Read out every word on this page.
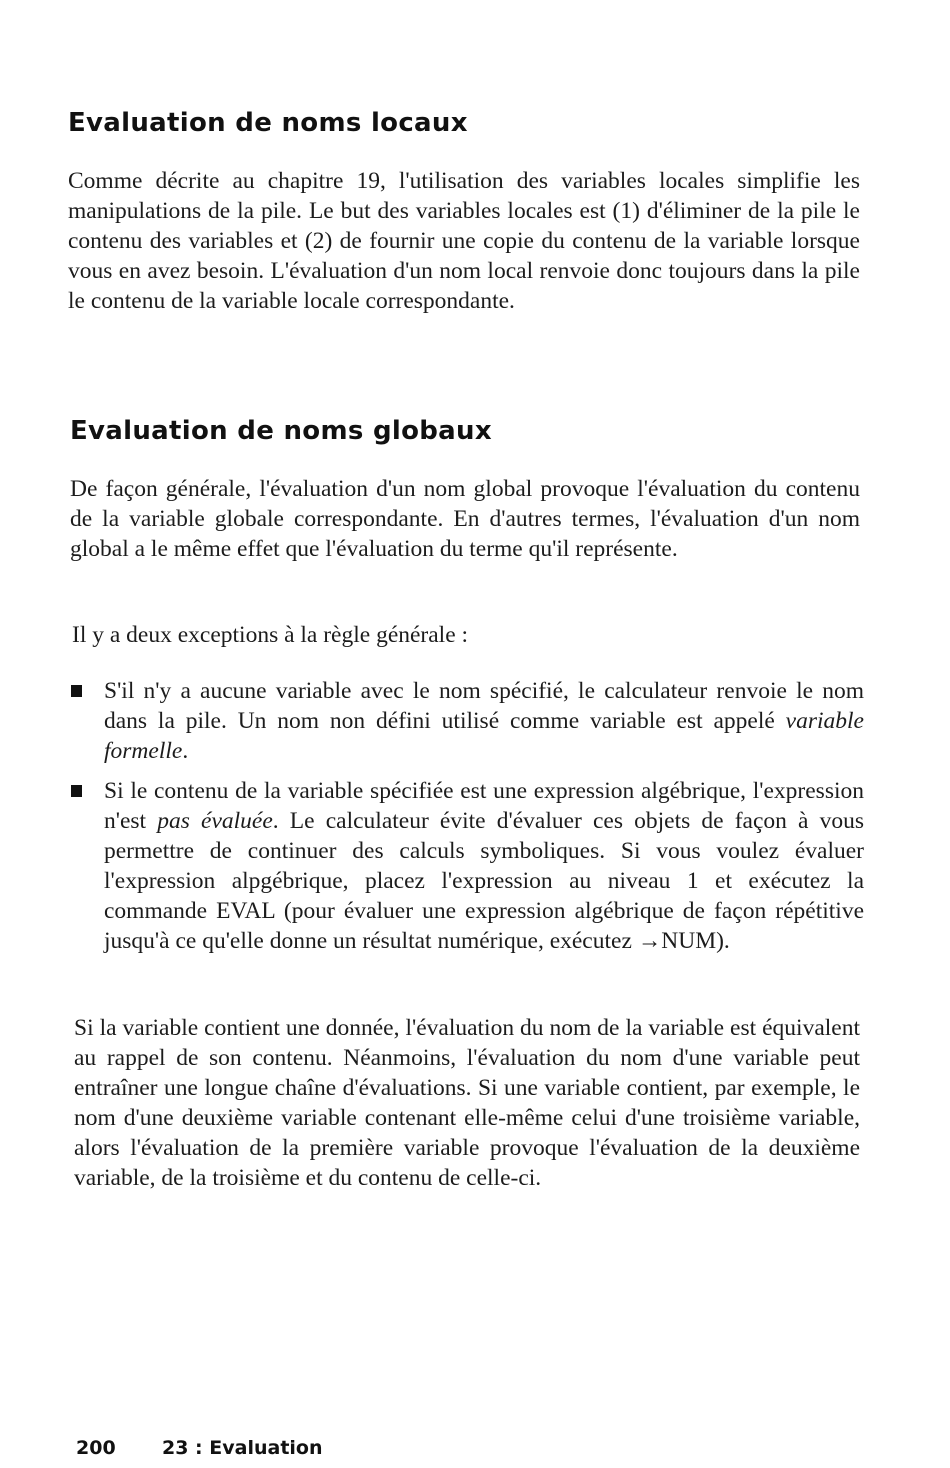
Evaluation de noms locaux

Comme décrite au chapitre 19, l'utilisation des variables locales simplifie les manipulations de la pile. Le but des variables locales est (1) d'éliminer de la pile le contenu des variables et (2) de fournir une copie du contenu de la variable lorsque vous en avez besoin. L'évaluation d'un nom local renvoie donc toujours dans la pile le contenu de la variable locale correspondante.

Evaluation de noms globaux

De façon générale, l'évaluation d'un nom global provoque l'évaluation du contenu de la variable globale correspondante. En d'autres termes, l'évaluation d'un nom global a le même effet que l'évaluation du terme qu'il représente.

Il y a deux exceptions à la règle générale :

S'il n'y a aucune variable avec le nom spécifié, le calculateur renvoie le nom dans la pile. Un nom non défini utilisé comme variable est appelé variable formelle.
Si le contenu de la variable spécifiée est une expression algébrique, l'expression n'est pas évaluée. Le calculateur évite d'évaluer ces objets de façon à vous permettre de continuer des calculs symboliques. Si vous voulez évaluer l'expression alpgébrique, placez l'expression au niveau 1 et exécutez la commande EVAL (pour évaluer une expression algébrique de façon répétitive jusqu'à ce qu'elle donne un résultat numérique, exécutez →NUM).

Si la variable contient une donnée, l'évaluation du nom de la variable est équivalent au rappel de son contenu. Néanmoins, l'évaluation du nom d'une variable peut entraîner une longue chaîne d'évaluations. Si une variable contient, par exemple, le nom d'une deuxième variable contenant elle-même celui d'une troisième variable, alors l'évaluation de la première variable provoque l'évaluation de la deuxième variable, de la troisième et du contenu de celle-ci.

200 23 : Evaluation
